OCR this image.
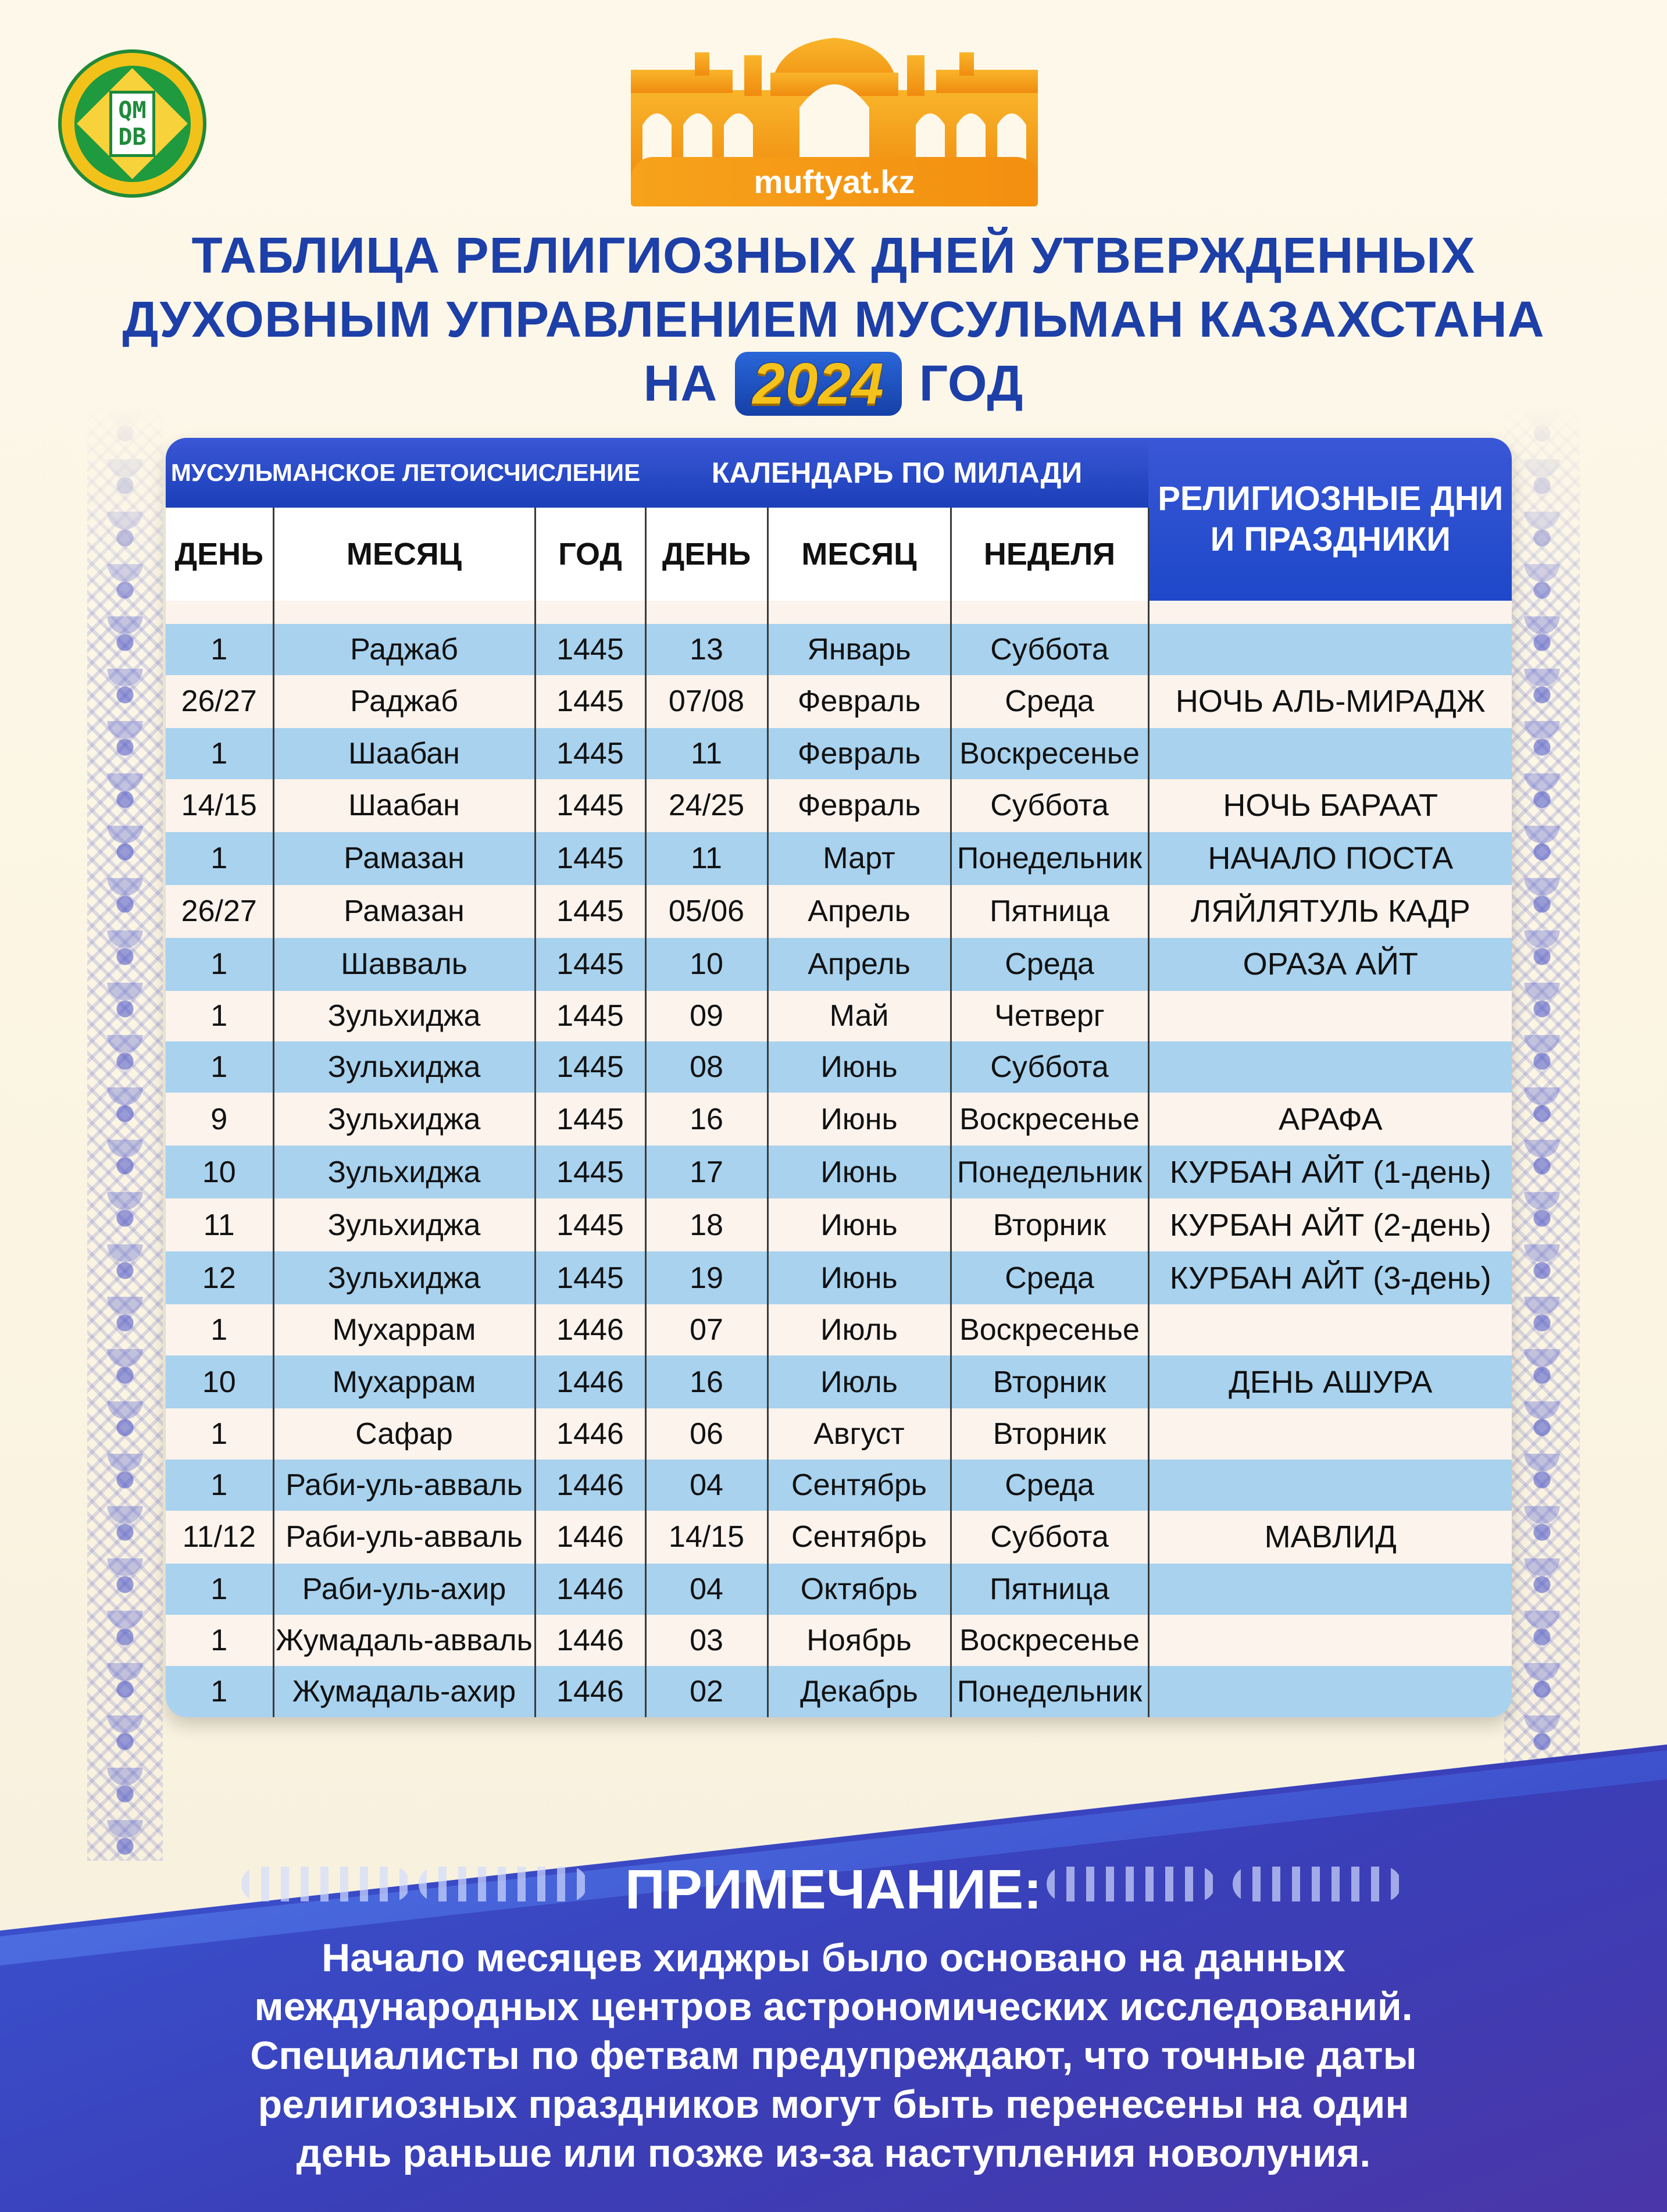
QM
DB
muftyat.kz
ТАБЛИЦА РЕЛИГИОЗНЫХ ДНЕЙ УТВЕРЖДЕННЫХ
ДУХОВНЫМ УПРАВЛЕНИЕМ МУСУЛЬМАН КАЗАХСТАНА
НА 2024 ГОД
МУСУЛЬМАНСКОЕ ЛЕТОИСЧИСЛЕНИЕ			КАЛЕНДАРЬ ПО МИЛАДИ			РЕЛИГИОЗНЫЕ ДНИ И ПРАЗДНИКИ
ДЕНЬ	МЕСЯЦ	ГОД	ДЕНЬ	МЕСЯЦ	НЕДЕЛЯ	

1	Раджаб	1445	13	Январь	Суббота	
26/27	Раджаб	1445	07/08	Февраль	Среда	НОЧЬ АЛЬ-МИРАДЖ
1	Шаабан	1445	11	Февраль	Воскресенье	
14/15	Шаабан	1445	24/25	Февраль	Суббота	НОЧЬ БАРААТ
1	Рамазан	1445	11	Март	Понедельник	НАЧАЛО ПОСТА
26/27	Рамазан	1445	05/06	Апрель	Пятница	ЛЯЙЛЯТУЛЬ КАДР
1	Шавваль	1445	10	Апрель	Среда	ОРАЗА АЙТ
1	Зульхиджа	1445	09	Май	Четверг	
1	Зульхиджа	1445	08	Июнь	Суббота	
9	Зульхиджа	1445	16	Июнь	Воскресенье	АРАФА
10	Зульхиджа	1445	17	Июнь	Понедельник	КУРБАН АЙТ (1-день)
11	Зульхиджа	1445	18	Июнь	Вторник	КУРБАН АЙТ (2-день)
12	Зульхиджа	1445	19	Июнь	Среда	КУРБАН АЙТ (3-день)
1	Мухаррам	1446	07	Июль	Воскресенье	
10	Мухаррам	1446	16	Июль	Вторник	ДЕНЬ АШУРА
1	Сафар	1446	06	Август	Вторник	
1	Раби-уль-авваль	1446	04	Сентябрь	Среда	
11/12	Раби-уль-авваль	1446	14/15	Сентябрь	Суббота	МАВЛИД
1	Раби-уль-ахир	1446	04	Октябрь	Пятница	
1	Жумадаль-авваль	1446	03	Ноябрь	Воскресенье	
1	Жумадаль-ахир	1446	02	Декабрь	Понедельник	
ПРИМЕЧАНИЕ:
Начало месяцев хиджры было основано на данных
международных центров астрономических исследований.
Специалисты по фетвам предупреждают, что точные даты
религиозных праздников могут быть перенесены на один
день раньше или позже из-за наступления новолуния.
